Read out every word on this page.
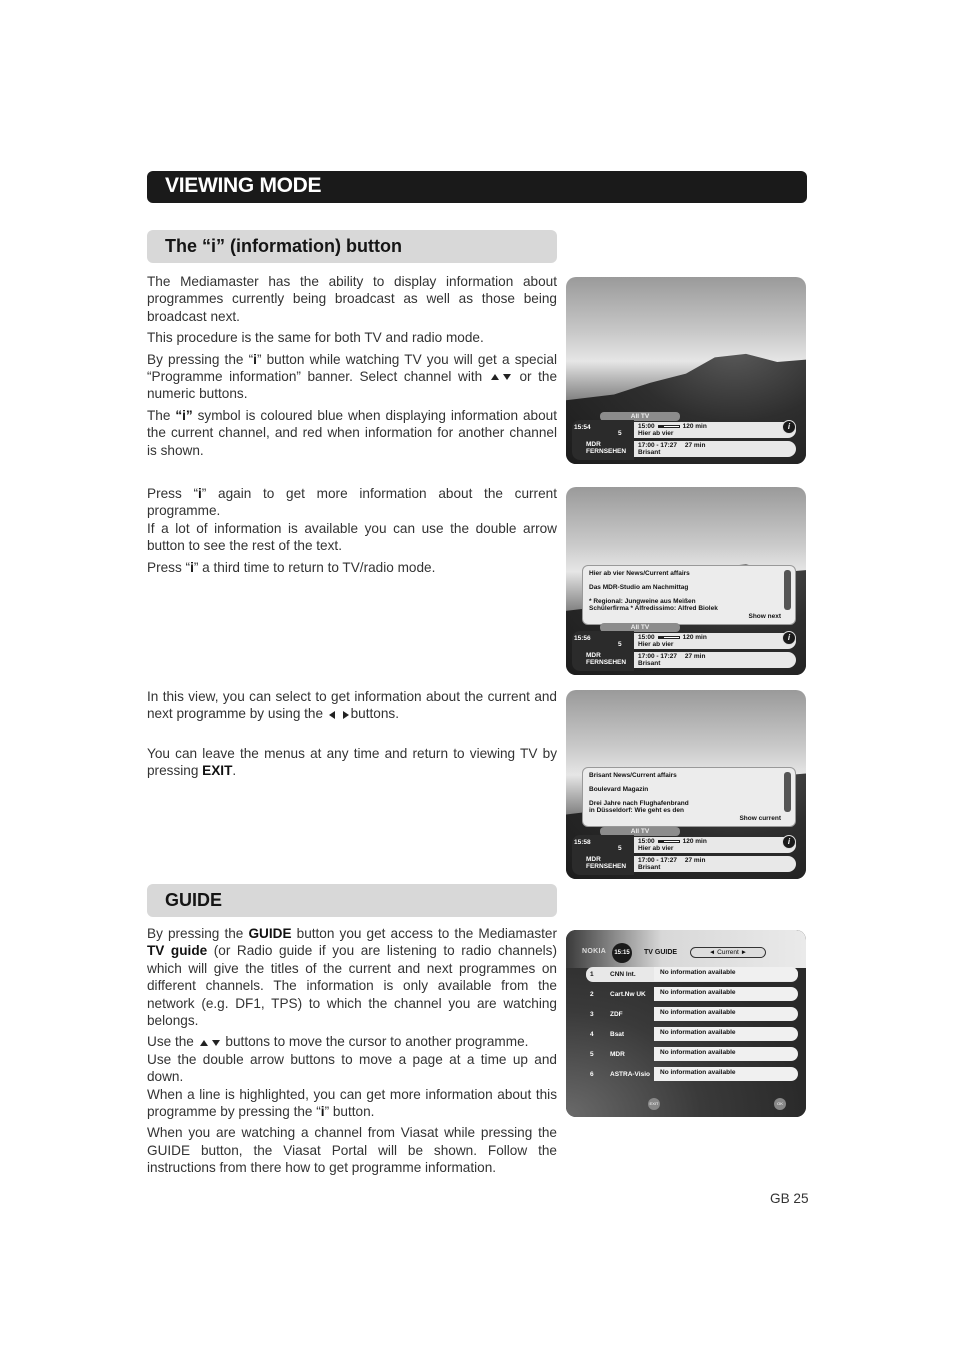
VIEWING MODE
The “i” (information) button

The Mediamaster has the ability to display information about programmes currently being broadcast as well as those being broadcast next.

This procedure is the same for both TV and radio mode.

By pressing the “i” button while watching TV you will get a special “Programme information” banner. Select channel with	or the numeric buttons.

The “i” symbol is coloured blue when displaying information about the current channel, and red when information for another channel is shown.

Press “i” again to get more information about the current programme.

If a lot of information is available you can use the double arrow button to see the rest of the text.

Press “i” a third time to return to TV/radio mode.

In this view, you can select to get information about the current and next programme by using the buttons.

You can leave the menus at any time and return to viewing TV by pressing EXIT.

All TV
15:54
5
MDR
FERNSEHEN
15:00	120 min
Hier ab vier
17:00 - 17:27 27 min
Brisant
i
Hier ab vier News/Current affairs
Das MDR-Studio am Nachmittag
* Regional: Jungweine aus Meißen
Schülerfirma * Alfredissimo: Alfred Biolek
Show next
All TV
15:56
5
MDR
FERNSEHEN
15:00	120 min
Hier ab vier
17:00 - 17:27 27 min
Brisant
i
Brisant News/Current affairs
Boulevard Magazin
Drei Jahre nach Flughafenbrand
in Düsseldorf: Wie geht es den
Show current
All TV
15:58
5
MDR
FERNSEHEN
15:00	120 min
Hier ab vier
17:00 - 17:27 27 min
Brisant
i
GUIDE

By pressing the GUIDE button you get access to the Mediamaster TV guide (or Radio guide if you are listening to radio channels) which will give the titles of the current and next programmes on different channels. The information is only available from the network (e.g. DF1, TPS) to which the channel you are watching belongs.

Use the buttons to move the cursor to another programme.

Use the double arrow buttons to move a page at a time up and down.

When a line is highlighted, you can get more information about this programme by pressing the “i” button.

When you are watching a channel from Viasat while pressing the GUIDE button, the Viasat Portal will be shown. Follow the instructions from there how to get programme information.

NOKIA	15:15	TV GUIDE	◄ Current ►
1	CNN Int.	No information available
2	Cart.Nw UK	No information available
3	ZDF	No information available
4	Bsat	No information available
5	MDR	No information available
6	ASTRA-Visio	No information available
EXIT	OK
GB 25
